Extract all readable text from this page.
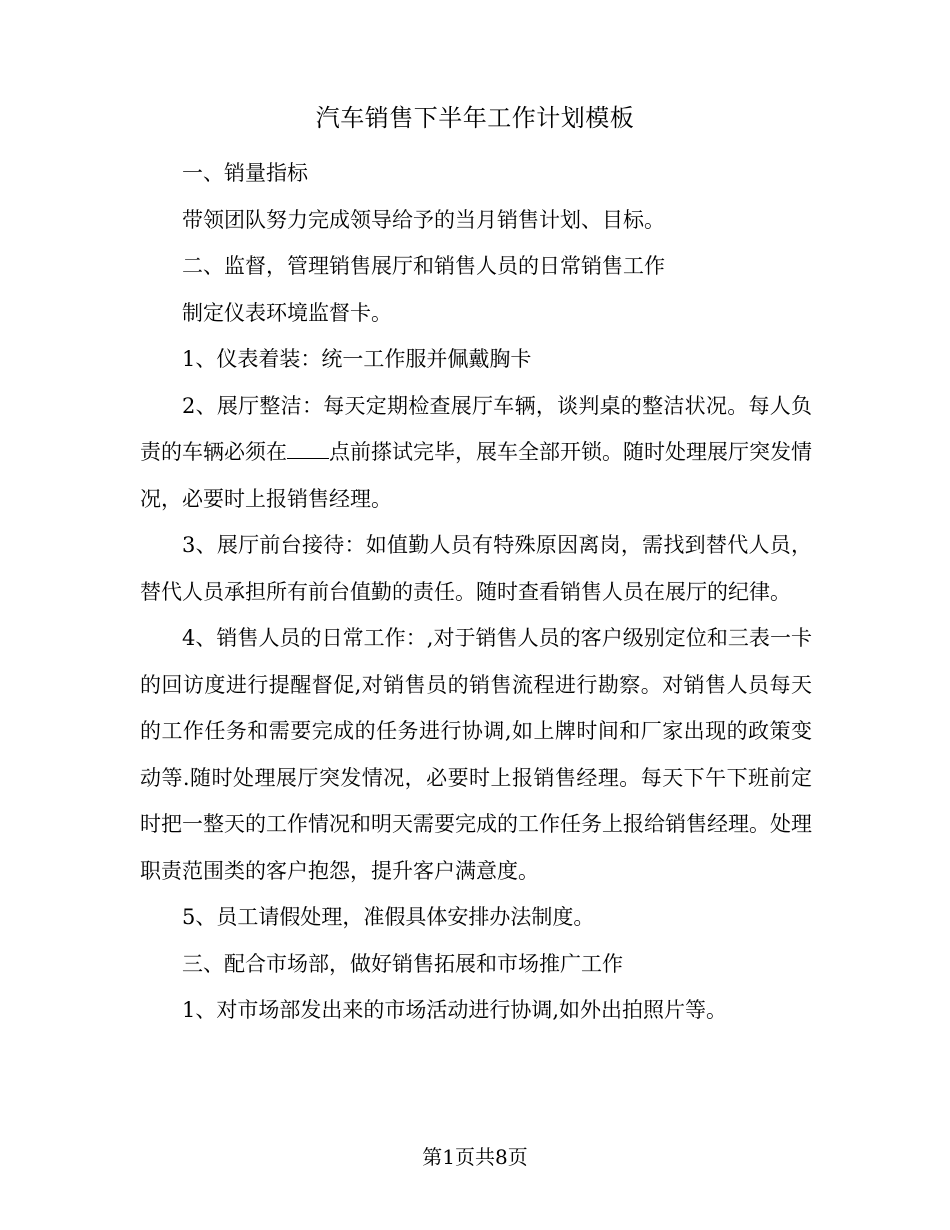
汽车销售下半年工作计划模板

一、销量指标

带领团队努力完成领导给予的当月销售计划、目标。

二、监督，管理销售展厅和销售人员的日常销售工作

制定仪表环境监督卡。

1、仪表着装：统一工作服并佩戴胸卡

2、展厅整洁：每天定期检查展厅车辆，谈判桌的整洁状况。每人负责的车辆必须在 点前搽试完毕，展车全部开锁。随时处理展厅突发情况，必要时上报销售经理。

3、展厅前台接待：如值勤人员有特殊原因离岗，需找到替代人员，替代人员承担所有前台值勤的责任。随时查看销售人员在展厅的纪律。

4、销售人员的日常工作：,对于销售人员的客户级别定位和三表一卡的回访度进行提醒督促,对销售员的销售流程进行勘察。对销售人员每天的工作任务和需要完成的任务进行协调,如上牌时间和厂家出现的政策变动等.随时处理展厅突发情况，必要时上报销售经理。每天下午下班前定时把一整天的工作情况和明天需要完成的工作任务上报给销售经理。处理职责范围类的客户抱怨，提升客户满意度。

5、员工请假处理，准假具体安排办法制度。

三、配合市场部，做好销售拓展和市场推广工作

1、对市场部发出来的市场活动进行协调,如外出拍照片等。

第1页共8页
